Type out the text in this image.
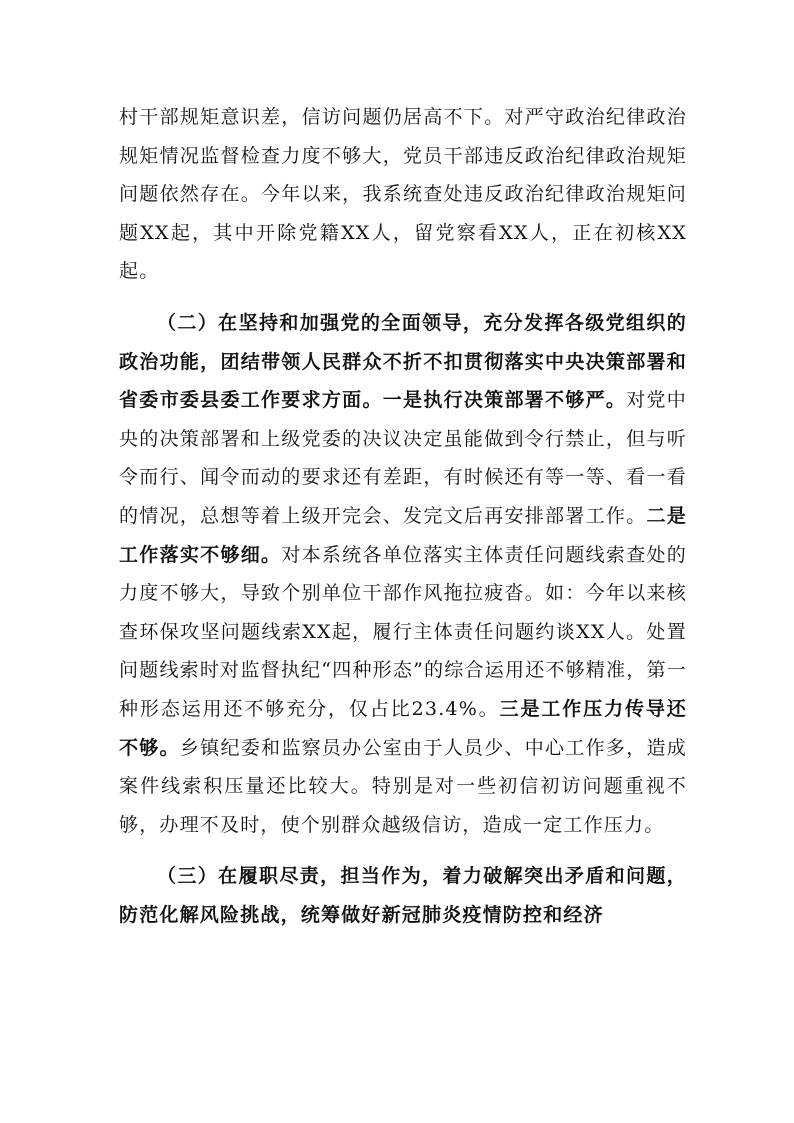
村干部规矩意识差，信访问题仍居高不下。对严守政治纪律政治规矩情况监督检查力度不够大，党员干部违反政治纪律政治规矩问题依然存在。今年以来，我系统查处违反政治纪律政治规矩问题XX起，其中开除党籍XX人，留党察看XX人，正在初核XX起。

（二）在坚持和加强党的全面领导，充分发挥各级党组织的政治功能，团结带领人民群众不折不扣贯彻落实中央决策部署和省委市委县委工作要求方面。一是执行决策部署不够严。对党中央的决策部署和上级党委的决议决定虽能做到令行禁止，但与听令而行、闻令而动的要求还有差距，有时候还有等一等、看一看的情况，总想等着上级开完会、发完文后再安排部署工作。二是工作落实不够细。对本系统各单位落实主体责任问题线索查处的力度不够大，导致个别单位干部作风拖拉疲沓。如：今年以来核查环保攻坚问题线索XX起，履行主体责任问题约谈XX人。处置问题线索时对监督执纪“四种形态”的综合运用还不够精准，第一种形态运用还不够充分，仅占比23.4%。三是工作压力传导还不够。乡镇纪委和监察员办公室由于人员少、中心工作多，造成案件线索积压量还比较大。特别是对一些初信初访问题重视不够，办理不及时，使个别群众越级信访，造成一定工作压力。

（三）在履职尽责，担当作为，着力破解突出矛盾和问题，防范化解风险挑战，统筹做好新冠肺炎疫情防控和经济
